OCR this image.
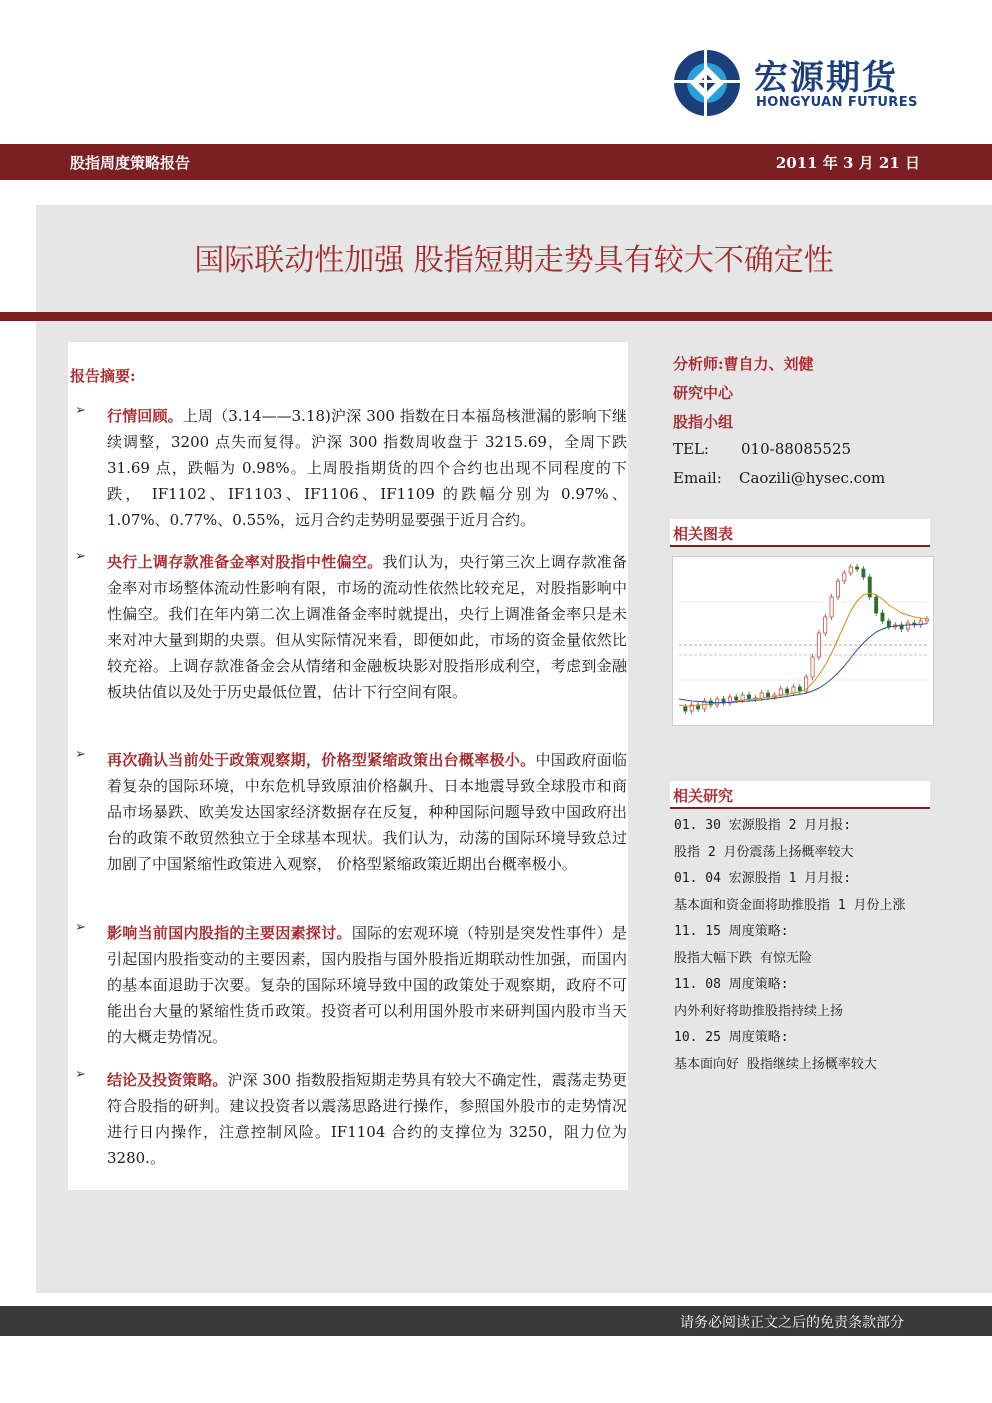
宏源期货
HONGYUAN FUTURES
股指周度策略报告	2011 年 3 月 21 日
国际联动性加强 股指短期走势具有较大不确定性
报告摘要:
➢ 行情回顾。上周（3.14——3.18)沪深 300 指数在日本福岛核泄漏的影响下继续调整，3200 点失而复得。沪深 300 指数周收盘于 3215.69，全周下跌 31.69 点，跌幅为 0.98%。上周股指期货的四个合约也出现不同程度的下跌， IF1102、IF1103、IF1106、IF1109 的跌幅分别为 0.97%、1.07%、0.77%、0.55%，远月合约走势明显要强于近月合约。
➢ 央行上调存款准备金率对股指中性偏空。我们认为，央行第三次上调存款准备金率对市场整体流动性影响有限，市场的流动性依然比较充足，对股指影响中性偏空。我们在年内第二次上调准备金率时就提出，央行上调准备金率只是未来对冲大量到期的央票。但从实际情况来看，即便如此，市场的资金量依然比较充裕。上调存款准备金会从情绪和金融板块影对股指形成利空，考虑到金融板块估值以及处于历史最低位置，估计下行空间有限。
➢ 再次确认当前处于政策观察期，价格型紧缩政策出台概率极小。中国政府面临着复杂的国际环境，中东危机导致原油价格飙升、日本地震导致全球股市和商品市场暴跌、欧美发达国家经济数据存在反复，种种国际问题导致中国政府出台的政策不敢贸然独立于全球基本现状。我们认为，动荡的国际环境导致总过加剧了中国紧缩性政策进入观察， 价格型紧缩政策近期出台概率极小。
➢ 影响当前国内股指的主要因素探讨。国际的宏观环境（特别是突发性事件）是引起国内股指变动的主要因素，国内股指与国外股指近期联动性加强，而国内的基本面退助于次要。复杂的国际环境导致中国的政策处于观察期，政府不可能出台大量的紧缩性货币政策。投资者可以利用国外股市来研判国内股市当天的大概走势情况。
➢ 结论及投资策略。沪深 300 指数股指短期走势具有较大不确定性，震荡走势更符合股指的研判。建议投资者以震荡思路进行操作，参照国外股市的走势情况进行日内操作，注意控制风险。IF1104 合约的支撑位为 3250，阻力位为 3280.。
分析师:曹自力、刘健
研究中心
股指小组
TEL: 010-88085525
Email: Caozili@hysec.com
相关图表
相关研究
01. 30 宏源股指 2 月月报:
股指 2 月份震荡上扬概率较大
01. 04 宏源股指 1 月月报:
基本面和资金面将助推股指 1 月份上涨
11. 15 周度策略:
股指大幅下跌 有惊无险
11. 08 周度策略:
内外利好将助推股指持续上扬
10. 25 周度策略:
基本面向好 股指继续上扬概率较大
请务必阅读正文之后的免责条款部分
